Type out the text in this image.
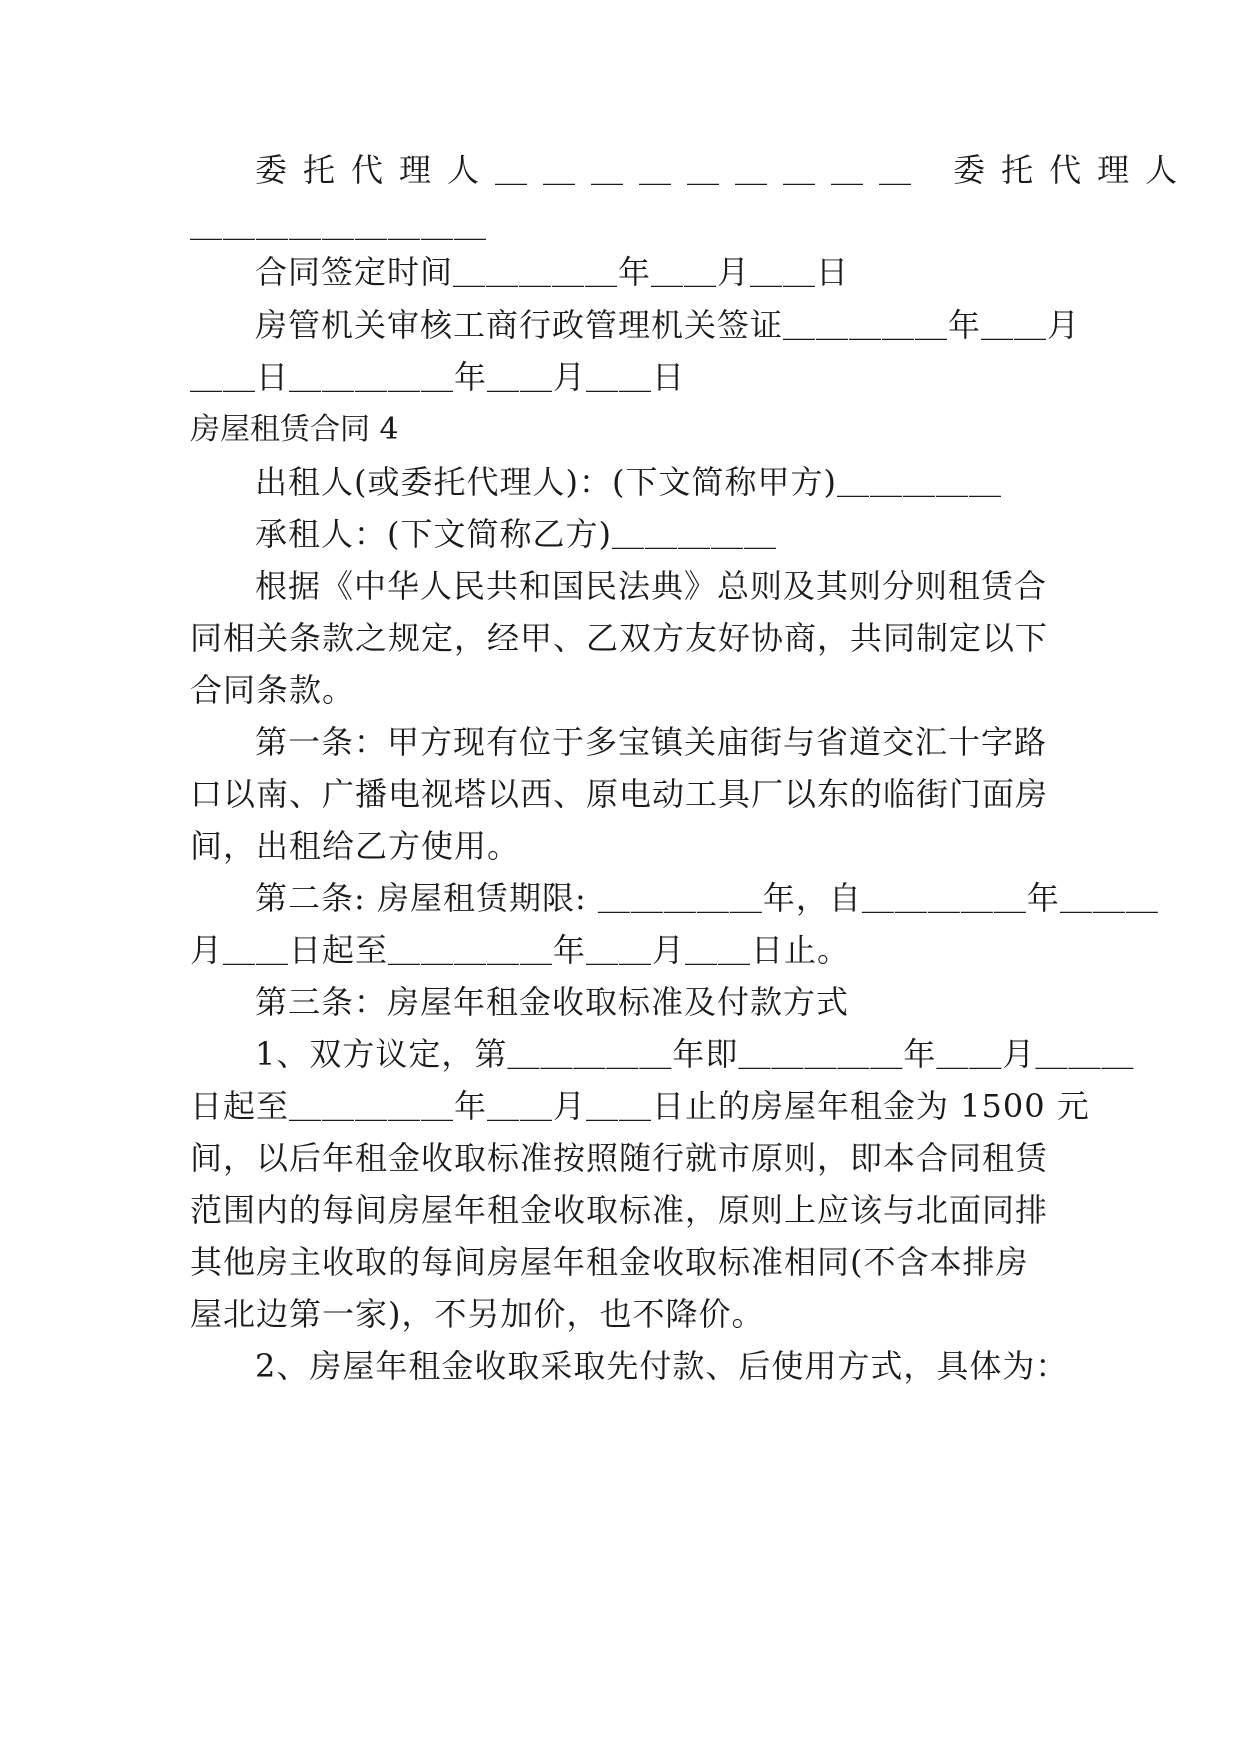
委托代理人＿＿＿＿＿＿＿＿＿ 委托代理人
＿＿＿＿＿＿＿＿＿
合同签定时间＿＿＿＿＿年＿＿月＿＿日
房管机关审核工商行政管理机关签证＿＿＿＿＿年＿＿月
＿＿日＿＿＿＿＿年＿＿月＿＿日
房屋租赁合同 4
出租人(或委托代理人)：(下文简称甲方)＿＿＿＿＿
承租人：(下文简称乙方)＿＿＿＿＿
根据《中华人民共和国民法典》总则及其则分则租赁合
同相关条款之规定，经甲、乙双方友好协商，共同制定以下
合同条款。
第一条：甲方现有位于多宝镇关庙街与省道交汇十字路
口以南、广播电视塔以西、原电动工具厂以东的临街门面房
间，出租给乙方使用。
第二条: 房屋租赁期限: ＿＿＿＿＿年，自＿＿＿＿＿年＿＿＿
月＿＿日起至＿＿＿＿＿年＿＿月＿＿日止。
第三条：房屋年租金收取标准及付款方式
1、双方议定，第＿＿＿＿＿年即＿＿＿＿＿年＿＿月＿＿＿
日起至＿＿＿＿＿年＿＿月＿＿日止的房屋年租金为 1500 元
间，以后年租金收取标准按照随行就市原则，即本合同租赁
范围内的每间房屋年租金收取标准，原则上应该与北面同排
其他房主收取的每间房屋年租金收取标准相同(不含本排房
屋北边第一家)，不另加价，也不降价。
2、房屋年租金收取采取先付款、后使用方式，具体为：
